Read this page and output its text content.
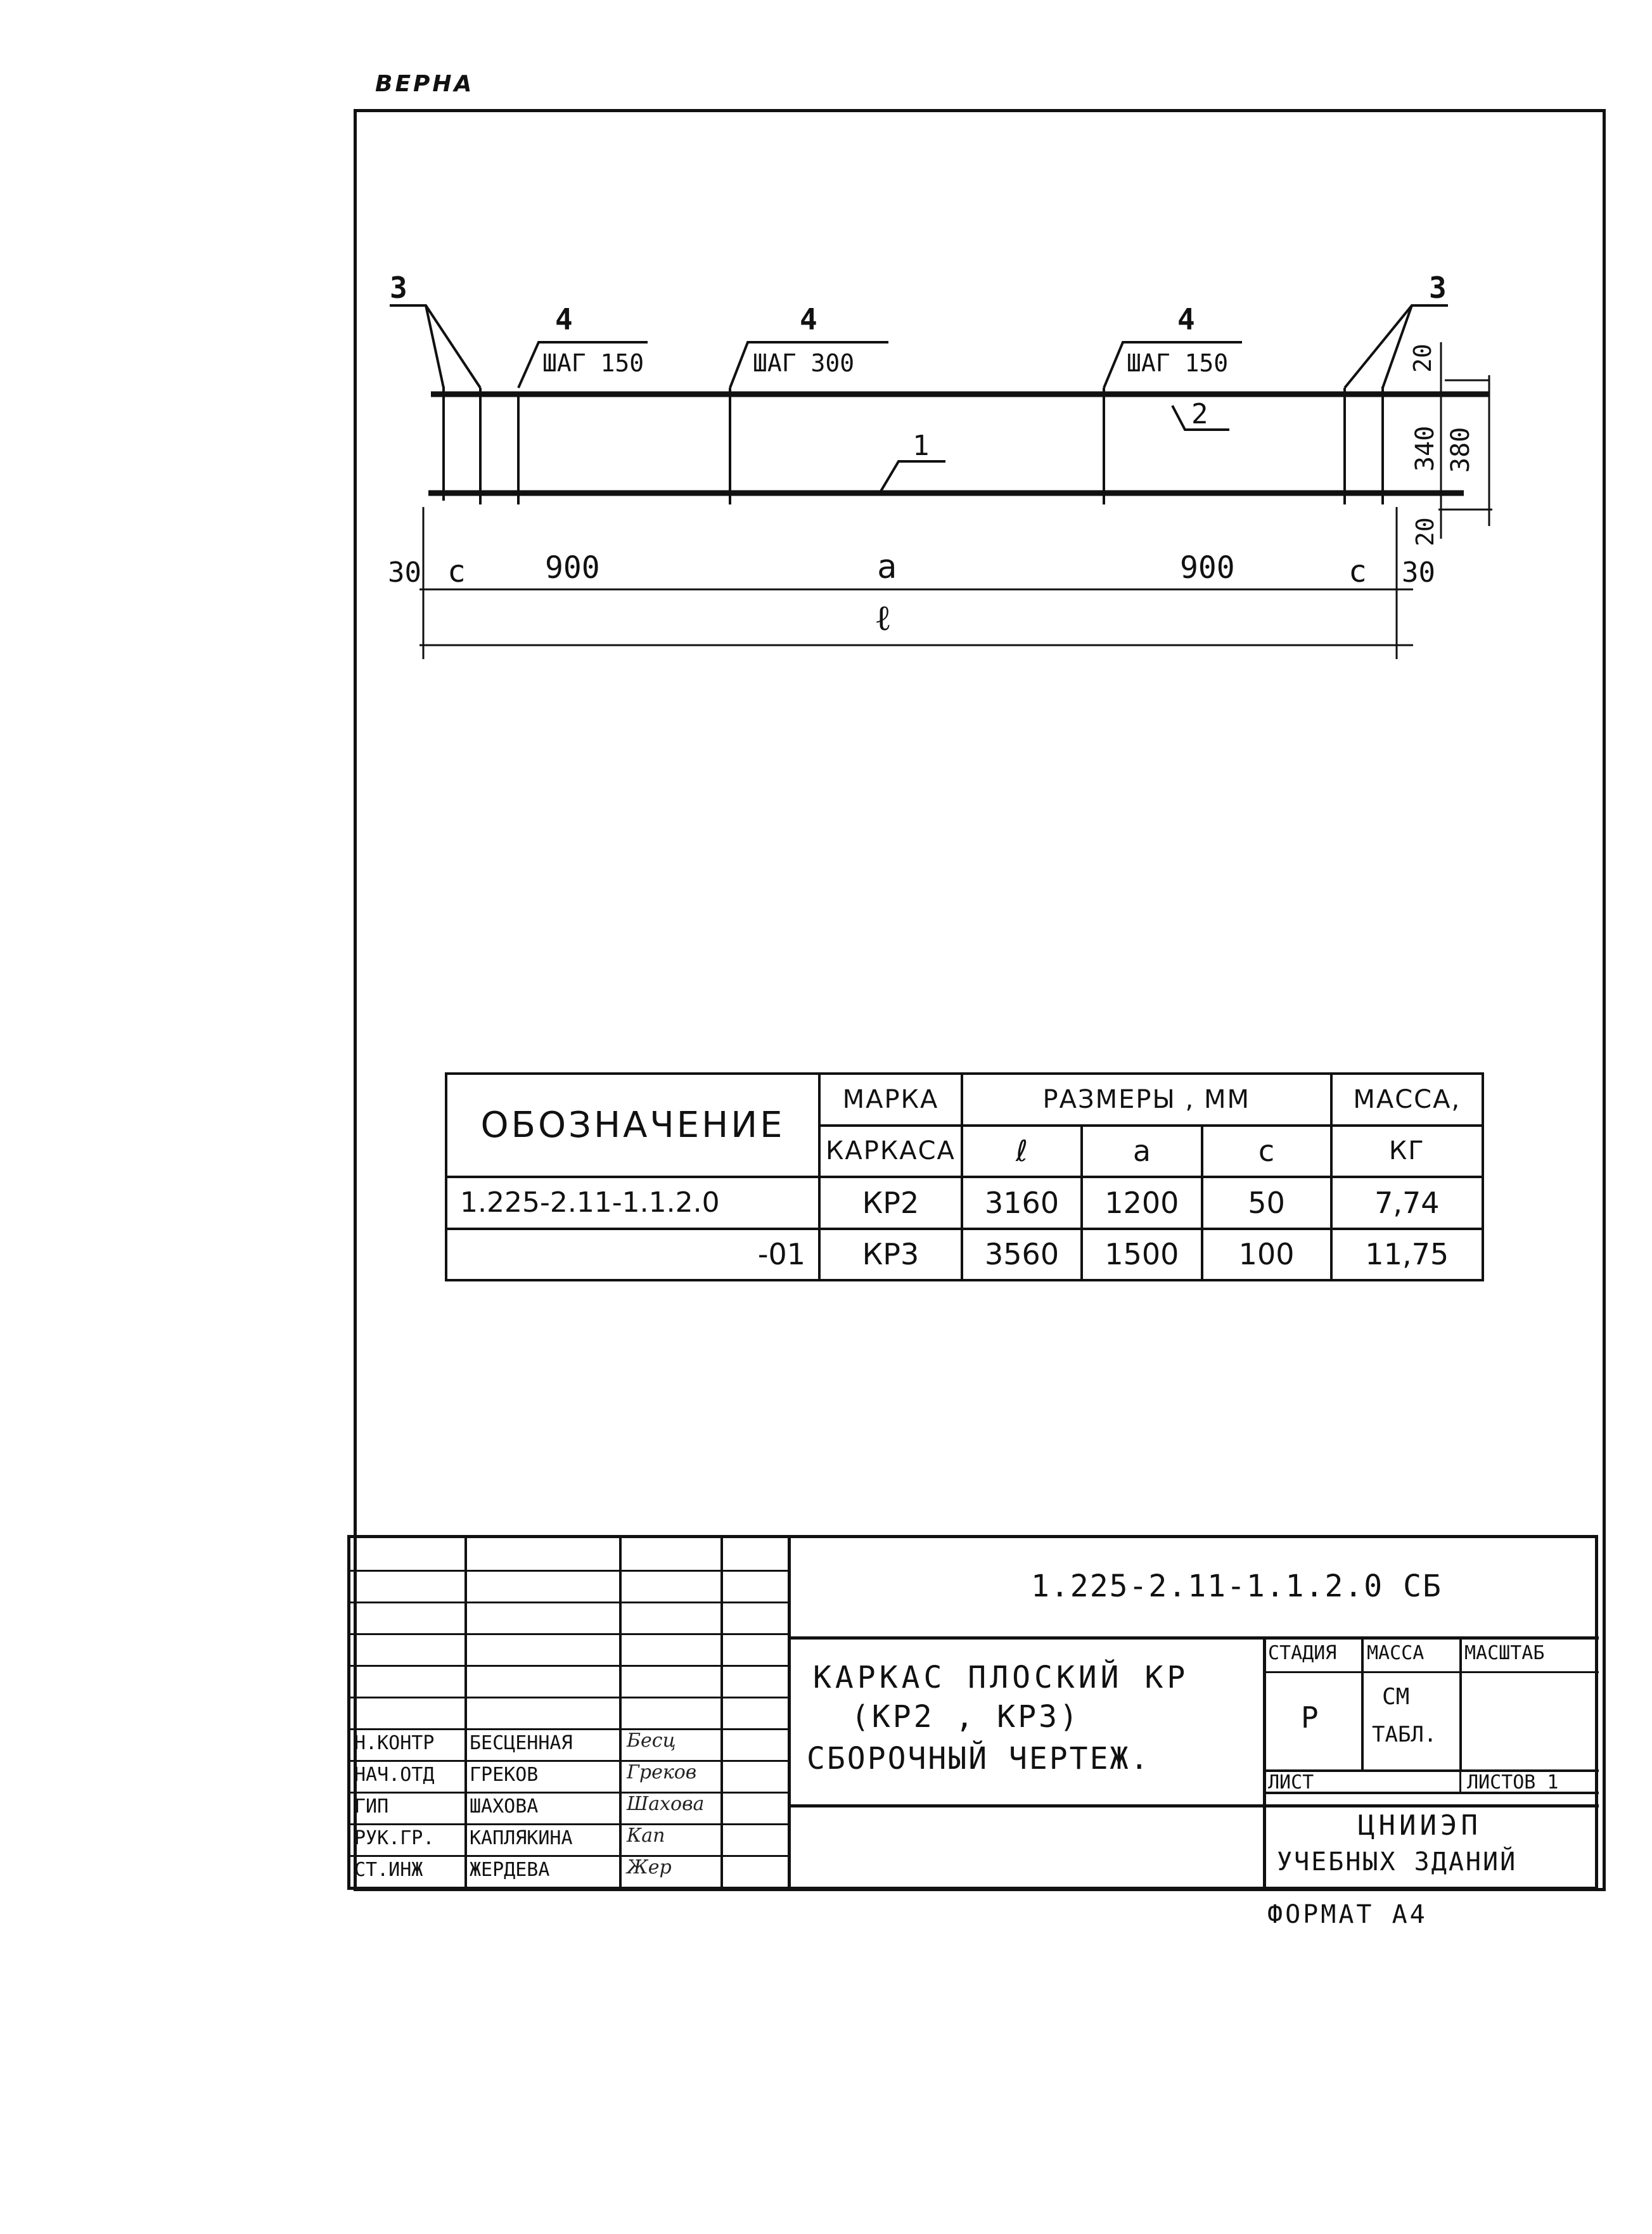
ВЕРНА
3
4
ШАГ 150
4
ШАГ 300
4
ШАГ 150
3
2
1
30 с	900	а	900	с 30
ℓ
20
340 380
20
ОБОЗНАЧЕНИЕ	МАРКА	РАЗМЕРЫ , ММ			МАССА,
	КАРКАСА	ℓ	а	с	КГ
1.225-2.11-1.1.2.0	КР2	3160	1200	50	7,74
-01	КР3	3560	1500	100	11,75
1.225-2.11-1.1.2.0 СБ
КАРКАС ПЛОСКИЙ КР
(КР2 , КР3)
СБОРОЧНЫЙ ЧЕРТЕЖ.
СТАДИЯ МАССА МАСШТАБ
Р
СМ
ТАБЛ.
ЛИСТ	ЛИСТОВ 1
ЦНИИЭП
УЧЕБНЫХ ЗДАНИЙ
Н.КОНТР БЕСЦЕННАЯ	Бесц
НАЧ.ОТД ГРЕКОВ	Греков
ГИП	ШАХОВА	Шахова
РУК.ГР. КАПЛЯКИНА	Кап
СТ.ИНЖ ЖЕРДЕВА	Жер
ФОРМАТ А4
